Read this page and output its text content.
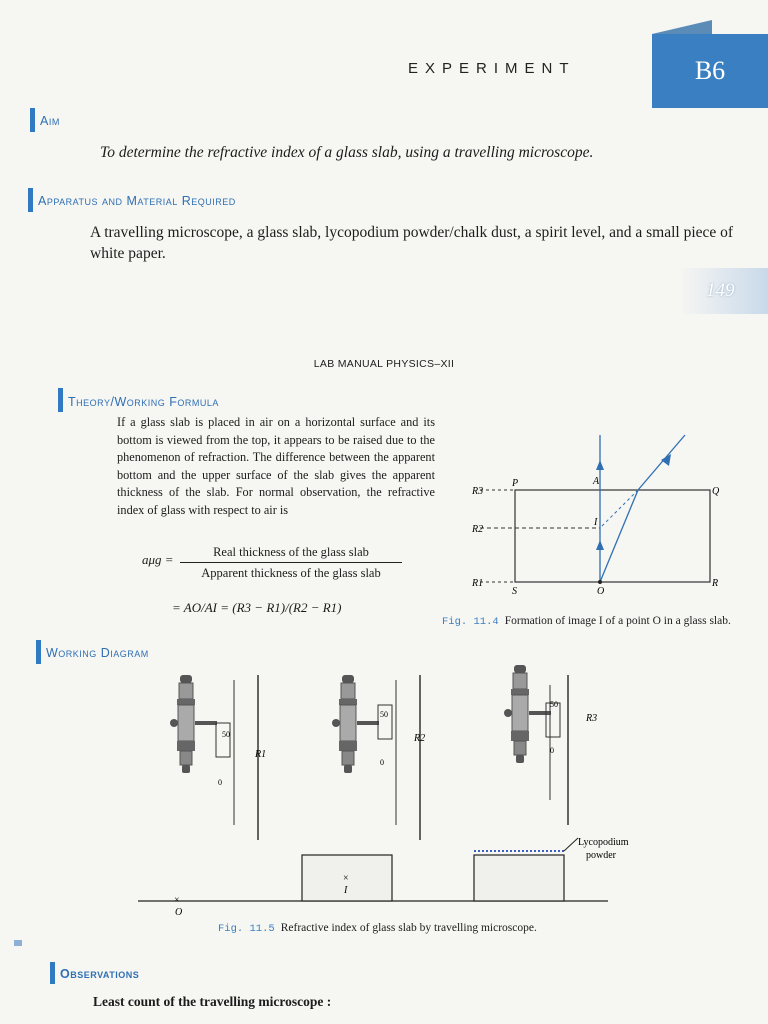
EXPERIMENT	B6
Aim
To determine the refractive index of a glass slab, using a travelling microscope.
Apparatus and Material Required
A travelling microscope, a glass slab, lycopodium powder/chalk dust, a spirit level, and a small piece of white paper.
149
LAB MANUAL PHYSICS–XII
Theory/Working Formula
If a glass slab is placed in air on a horizontal surface and its bottom is viewed from the top, it appears to be raised due to the phenomenon of refraction. The difference between the apparent bottom and the upper surface of the slab gives the apparent thickness of the slab. For normal observation, the refractive index of glass with respect to air is
aμg =	Real thickness of the glass slab
Apparent thickness of the glass slab
= AO/AI = (R3 − R1)/(R2 − R1)
R3
R2
R1
P
Q
A
I
S	O
R
Fig. 11.4 Formation of image I of a point O in a glass slab.
Working Diagram
50
0
R1
50
0
R2
50
0
R3
Lycopodium
powder
×
I
×
O
Fig. 11.5 Refractive index of glass slab by travelling microscope.
Observations
Least count of the travelling microscope :
